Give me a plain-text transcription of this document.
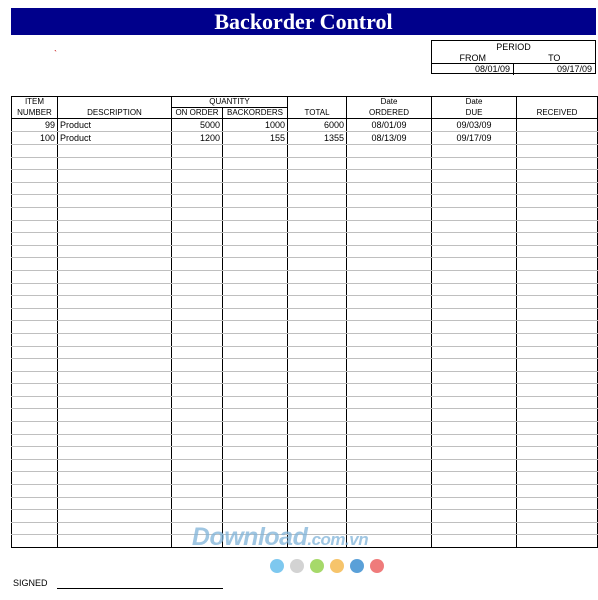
Backorder Control
`
PERIOD
FROM	TO
08/01/09	09/17/09
ITEM		QUANTITY			Date	Date	
NUMBER	DESCRIPTION	ON ORDER	BACKORDERS	TOTAL	ORDERED	DUE	RECEIVED
99	Product	5000	1000	6000	08/01/09	09/03/09	
100	Product	1200	155	1355	08/13/09	09/17/09	

SIGNED
Download.com.vn
